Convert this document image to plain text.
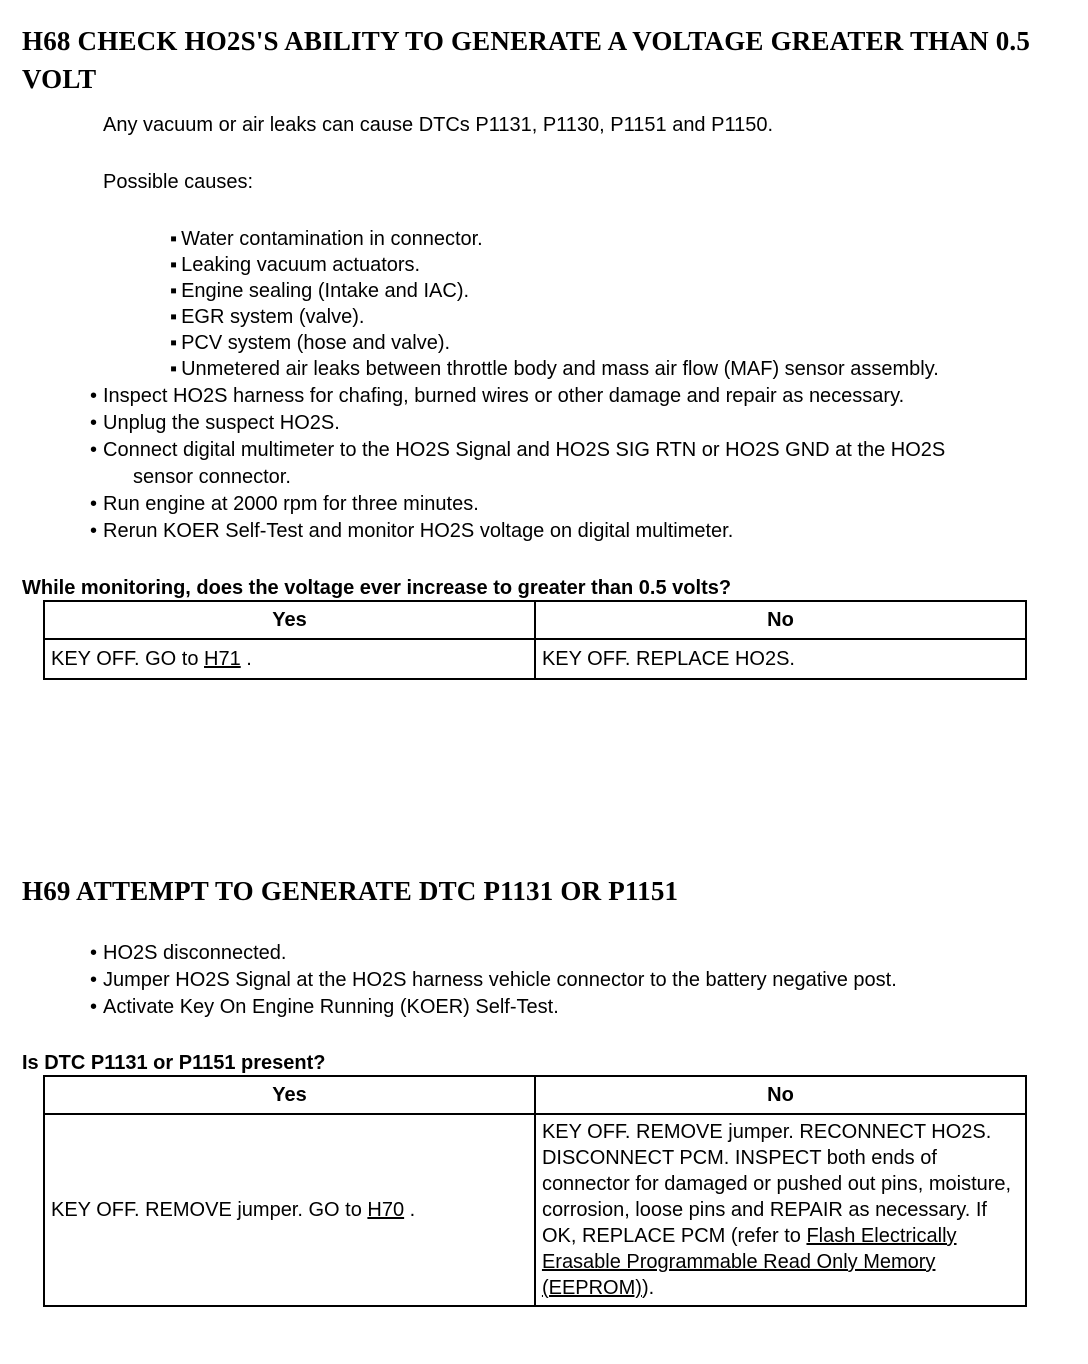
H68 CHECK HO2S'S ABILITY TO GENERATE A VOLTAGE GREATER THAN 0.5 VOLT

Any vacuum or air leaks can cause DTCs P1131, P1130, P1151 and P1150.

Possible causes:

▪ Water contamination in connector.
▪ Leaking vacuum actuators.
▪ Engine sealing (Intake and IAC).
▪ EGR system (valve).
▪ PCV system (hose and valve).
▪ Unmetered air leaks between throttle body and mass air flow (MAF) sensor assembly.
• Inspect HO2S harness for chafing, burned wires or other damage and repair as necessary.
• Unplug the suspect HO2S.
• Connect digital multimeter to the HO2S Signal and HO2S SIG RTN or HO2S GND at the HO2S
sensor connector.
• Run engine at 2000 rpm for three minutes.
• Rerun KOER Self-Test and monitor HO2S voltage on digital multimeter.

While monitoring, does the voltage ever increase to greater than 0.5 volts?

Yes	No
KEY OFF. GO to H71 .	KEY OFF. REPLACE HO2S.
H69 ATTEMPT TO GENERATE DTC P1131 OR P1151
• HO2S disconnected.
• Jumper HO2S Signal at the HO2S harness vehicle connector to the battery negative post.
• Activate Key On Engine Running (KOER) Self-Test.

Is DTC P1131 or P1151 present?

Yes	No
KEY OFF. REMOVE jumper. GO to H70 .	KEY OFF. REMOVE jumper. RECONNECT HO2S. DISCONNECT PCM. INSPECT both ends of connector for damaged or pushed out pins, moisture, corrosion, loose pins and REPAIR as necessary. If OK, REPLACE PCM (refer to Flash Electrically Erasable Programmable Read Only Memory (EEPROM)).
